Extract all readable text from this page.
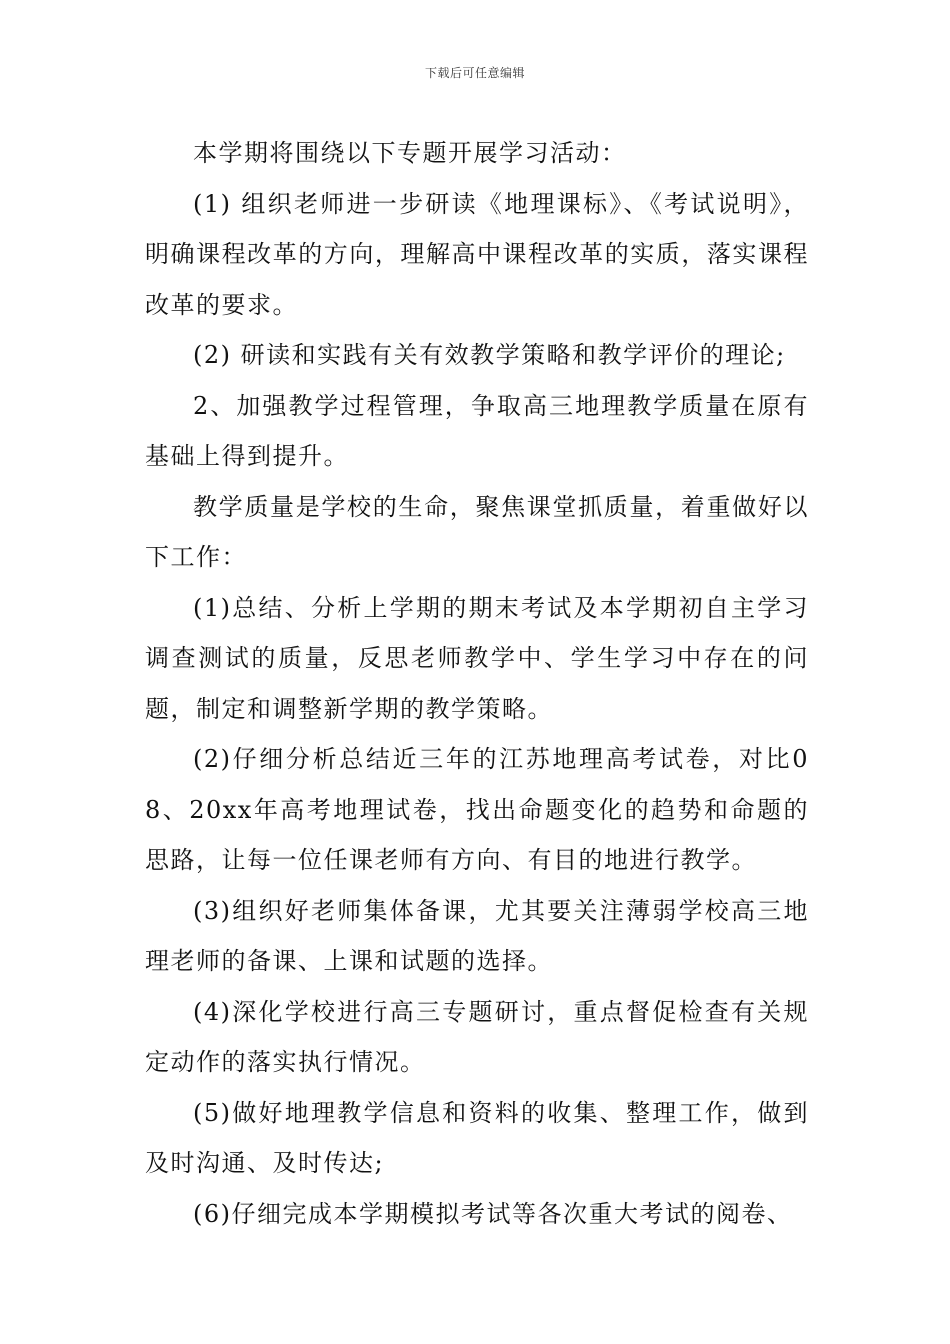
下载后可任意编辑

本学期将围绕以下专题开展学习活动：

(1) 组织老师进一步研读《地理课标》、《考试说明》，明确课程改革的方向，理解高中课程改革的实质，落实课程改革的要求。

(2) 研读和实践有关有效教学策略和教学评价的理论;

2、加强教学过程管理，争取高三地理教学质量在原有基础上得到提升。

教学质量是学校的生命，聚焦课堂抓质量，着重做好以下工作：

(1)总结、分析上学期的期末考试及本学期初自主学习调查测试的质量，反思老师教学中、学生学习中存在的问题，制定和调整新学期的教学策略。

(2)仔细分析总结近三年的江苏地理高考试卷，对比08、20xx年高考地理试卷，找出命题变化的趋势和命题的思路，让每一位任课老师有方向、有目的地进行教学。

(3)组织好老师集体备课，尤其要关注薄弱学校高三地理老师的备课、上课和试题的选择。

(4)深化学校进行高三专题研讨，重点督促检查有关规定动作的落实执行情况。

(5)做好地理教学信息和资料的收集、整理工作，做到及时沟通、及时传达;

(6)仔细完成本学期模拟考试等各次重大考试的阅卷、
